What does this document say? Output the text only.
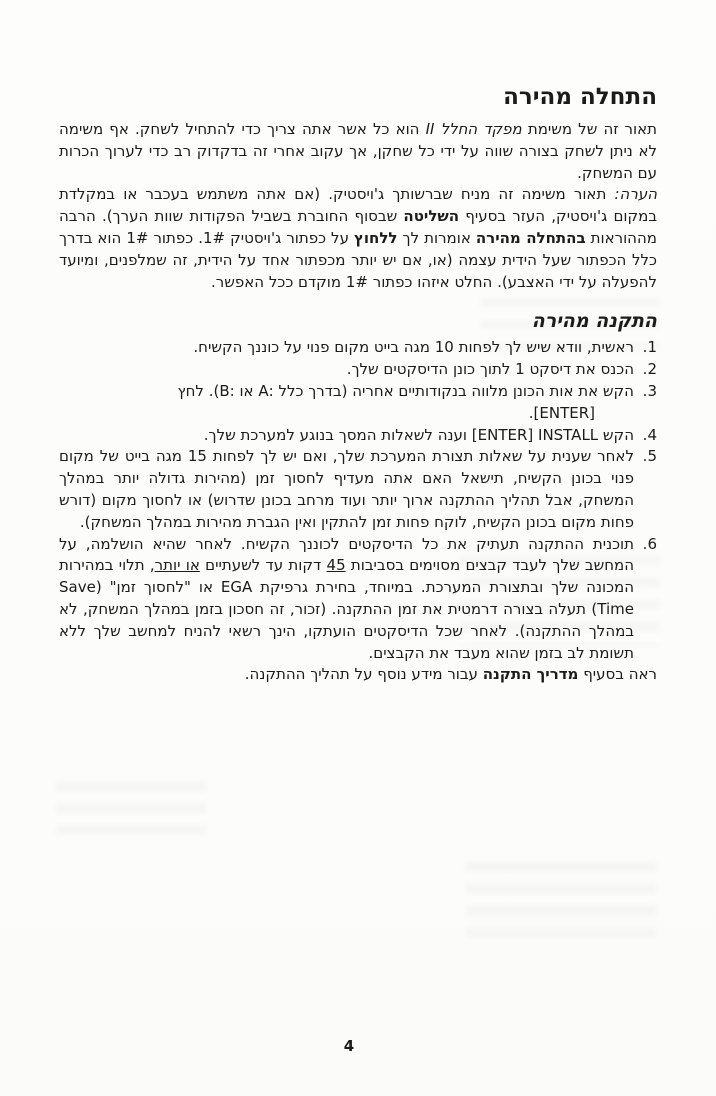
התחלה מהירה

תאור זה של משימת מפקד החלל II הוא כל אשר אתה צריך כדי להתחיל לשחק. אף משימה לא ניתן לשחק בצורה שווה על ידי כל שחקן, אך עקוב אחרי זה בדקדוק רב כדי לערוך הכרות עם המשחק.

הערה: תאור משימה זה מניח שברשותך ג'ויסטיק. (אם אתה משתמש בעכבר או במקלדת במקום ג'ויסטיק, העזר בסעיף השליטה שבסוף החוברת בשביל הפקודות שוות הערך). הרבה מההוראות בהתחלה מהירה אומרות לך ללחוץ על כפתור ג'ויסטיק 1#. כפתור 1# הוא בדרך כלל הכפתור שעל הידית עצמה (או, אם יש יותר מכפתור אחד על הידית, זה שמלפנים, ומיועד להפעלה על ידי האצבע). החלט איזהו כפתור 1# מוקדם ככל האפשר.

התקנה מהירה
1.
ראשית, וודא שיש לך לפחות 10 מגה בייט מקום פנוי על כוננך הקשיח.
2.
הכנס את דיסקט 1 לתוך כונן הדיסקטים שלך.
3.
הקש את אות הכונן מלווה בנקודותיים אחריה (בדרך כלל :A או :B). לחץ
[ENTER].
4.
הקש INSTALL‏ [ENTER] וענה לשאלות המסך בנוגע למערכת שלך.
5.
לאחר שענית על שאלות תצורת המערכת שלך, ואם יש לך לפחות 15 מגה בייט של מקום פנוי בכונן הקשיח, תישאל האם אתה מעדיף לחסוך זמן (מהירות גדולה יותר במהלך המשחק, אבל תהליך ההתקנה ארוך יותר ועוד מרחב בכונן שדרוש) או לחסוך מקום (דורש פחות מקום בכונן הקשיח, לוקח פחות זמן להתקין ואין הגברת מהירות במהלך המשחק).
6.
תוכנית ההתקנה תעתיק את כל הדיסקטים לכוננך הקשיח. לאחר שהיא הושלמה, על המחשב שלך לעבד קבצים מסוימים בסביבות 45 דקות עד לשעתיים או יותר, תלוי במהירות המכונה שלך ובתצורת המערכת. במיוחד, בחירת גרפיקת EGA או "לחסוך זמן" (Save Time) תעלה בצורה דרמטית את זמן ההתקנה. (זכור, זה חסכון בזמן במהלך המשחק, לא במהלך ההתקנה). לאחר שכל הדיסקטים הועתקו, הינך רשאי להניח למחשב שלך ללא תשומת לב בזמן שהוא מעבד את הקבצים.

ראה בסעיף מדריך התקנה עבור מידע נוסף על תהליך ההתקנה.

4
